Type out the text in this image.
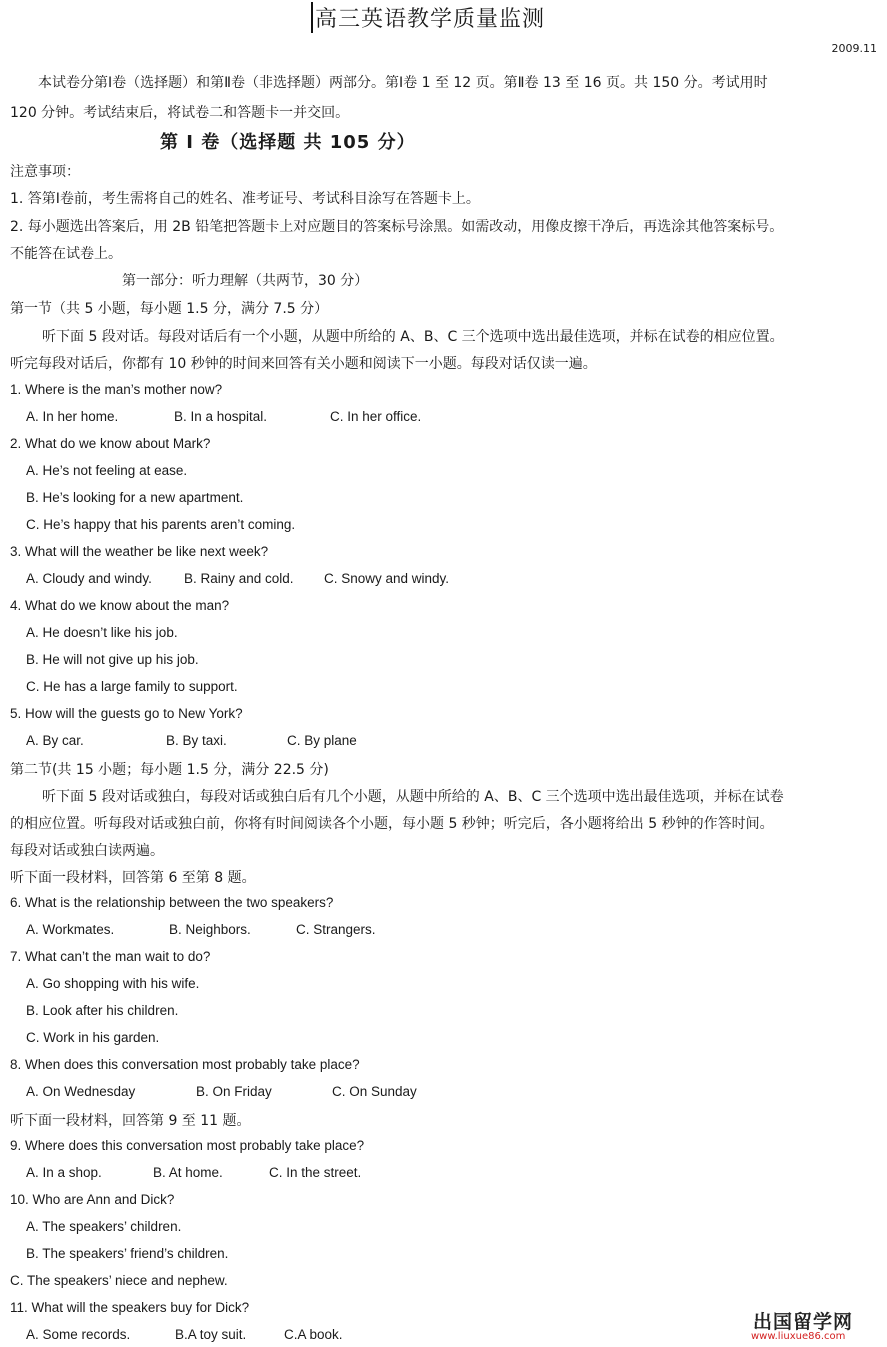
高三英语教学质量监测
2009.11
本试卷分第Ⅰ卷（选择题）和第Ⅱ卷（非选择题）两部分。第Ⅰ卷 1 至 12 页。第Ⅱ卷 13 至 16 页。共 150 分。考试用时
120 分钟。考试结束后，将试卷二和答题卡一并交回。
第 Ⅰ 卷（选择题 共 105 分）
注意事项：
1. 答第Ⅰ卷前，考生需将自己的姓名、准考证号、考试科目涂写在答题卡上。
2. 每小题选出答案后，用 2B 铅笔把答题卡上对应题目的答案标号涂黑。如需改动，用像皮擦干净后，再选涂其他答案标号。
不能答在试卷上。
第一部分：听力理解（共两节，30 分）
第一节（共 5 小题，每小题 1.5 分，满分 7.5 分）
听下面 5 段对话。每段对话后有一个小题，从题中所给的 A、B、C 三个选项中选出最佳选项，并标在试卷的相应位置。
听完每段对话后，你都有 10 秒钟的时间来回答有关小题和阅读下一小题。每段对话仅读一遍。
1. Where is the man’s mother now?
A. In her home.	B. In a hospital.	C. In her office.
2. What do we know about Mark?
A. He’s not feeling at ease.
B. He’s looking for a new apartment.
C. He’s happy that his parents aren’t coming.
3. What will the weather be like next week?
A. Cloudy and windy. B. Rainy and cold. C. Snowy and windy.
4. What do we know about the man?
A. He doesn’t like his job.
B. He will not give up his job.
C. He has a large family to support.
5. How will the guests go to New York?
A. By car.	B. By taxi.	C. By plane
第二节(共 15 小题；每小题 1.5 分，满分 22.5 分)
听下面 5 段对话或独白，每段对话或独白后有几个小题，从题中所给的 A、B、C 三个选项中选出最佳选项，并标在试卷
的相应位置。听每段对话或独白前，你将有时间阅读各个小题，每小题 5 秒钟；听完后，各小题将给出 5 秒钟的作答时间。
每段对话或独白读两遍。
听下面一段材料，回答第 6 至第 8 题。
6. What is the relationship between the two speakers?
A. Workmates.	B. Neighbors.	C. Strangers.
7. What can’t the man wait to do?
A. Go shopping with his wife.
B. Look after his children.
C. Work in his garden.
8. When does this conversation most probably take place?
A. On Wednesday	B. On Friday	C. On Sunday
听下面一段材料，回答第 9 至 11 题。
9. Where does this conversation most probably take place?
A. In a shop.	B. At home.	C. In the street.
10. Who are Ann and Dick?
A. The speakers’ children.
B. The speakers’ friend’s children.
C. The speakers’ niece and nephew.
11. What will the speakers buy for Dick?
A. Some records.	B.A toy suit.	C.A book.
出国留学网
www.liuxue86.com
